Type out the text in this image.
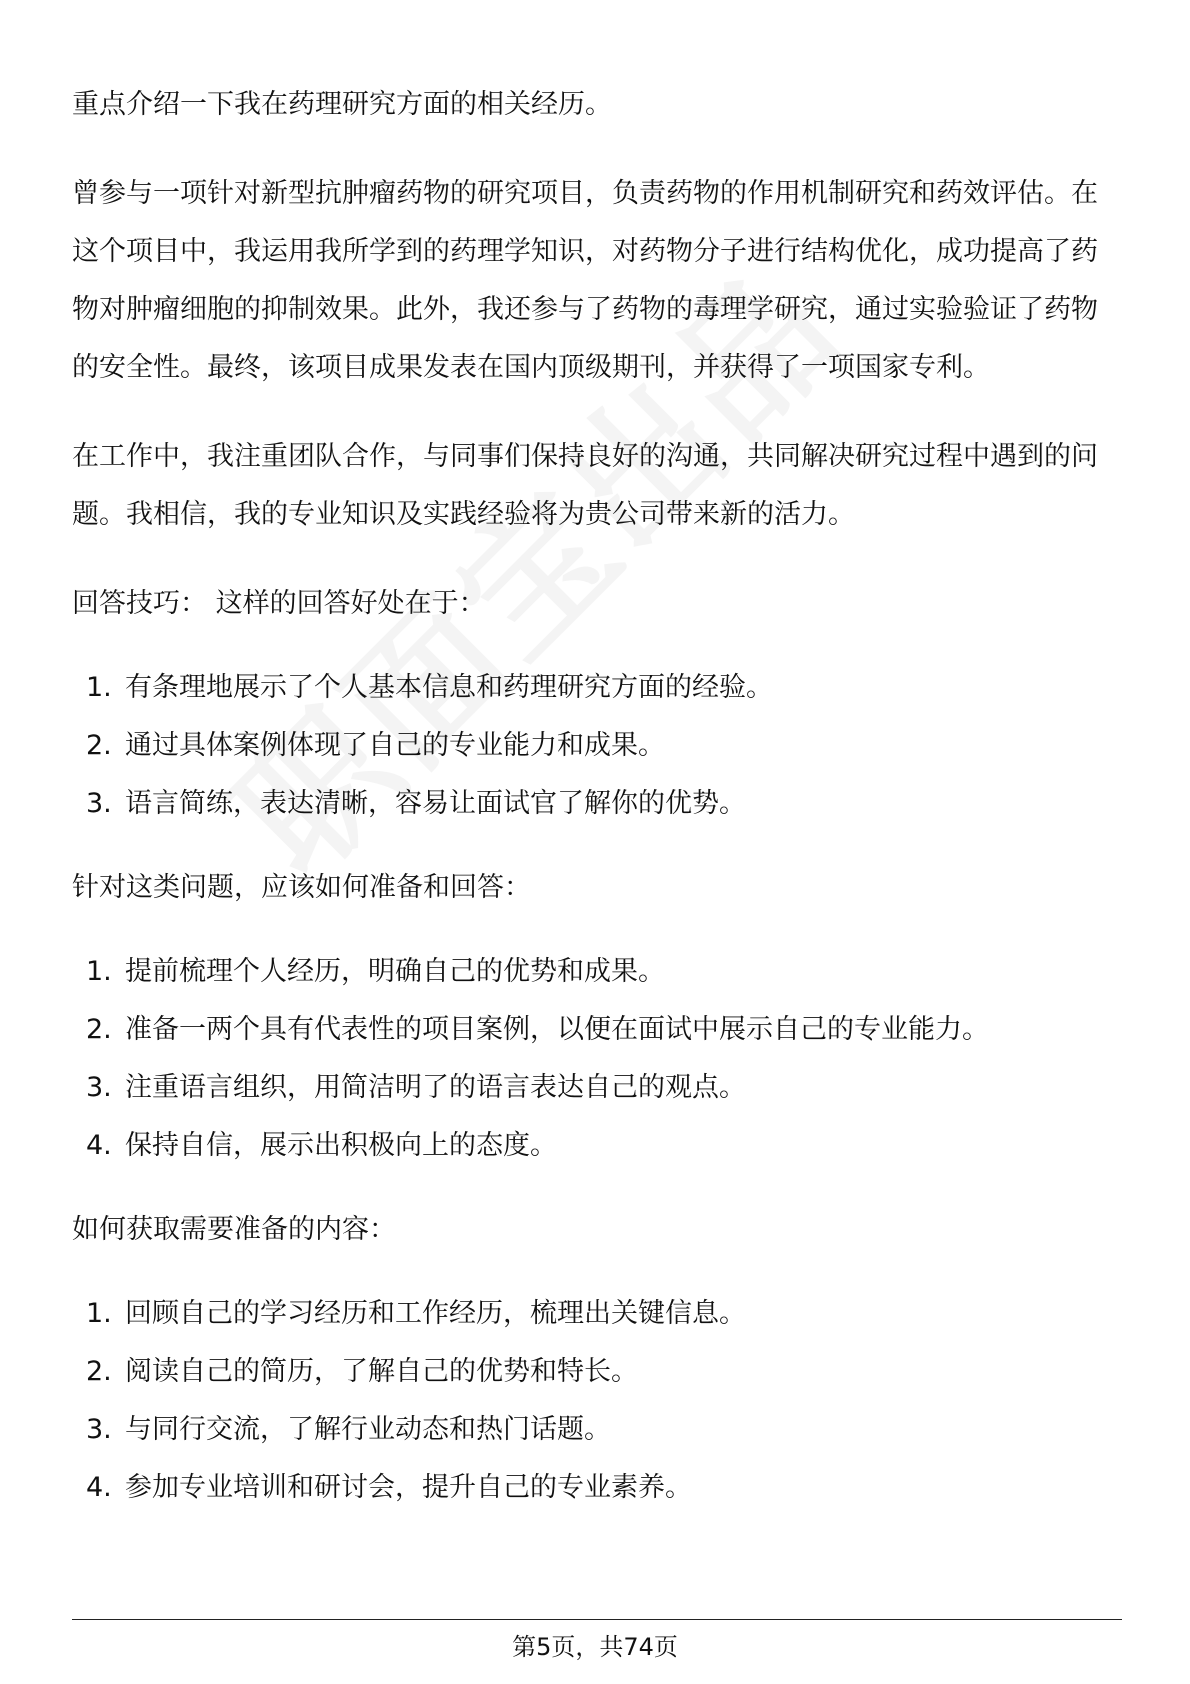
重点介绍一下我在药理研究方面的相关经历。

曾参与一项针对新型抗肿瘤药物的研究项目，负责药物的作用机制研究和药效评估。在这个项目中，我运用我所学到的药理学知识，对药物分子进行结构优化，成功提高了药物对肿瘤细胞的抑制效果。此外，我还参与了药物的毒理学研究，通过实验验证了药物的安全性。最终，该项目成果发表在国内顶级期刊，并获得了一项国家专利。

在工作中，我注重团队合作，与同事们保持良好的沟通，共同解决研究过程中遇到的问题。我相信，我的专业知识及实践经验将为贵公司带来新的活力。

回答技巧： 这样的回答好处在于：

1. 有条理地展示了个人基本信息和药理研究方面的经验。
2. 通过具体案例体现了自己的专业能力和成果。
3. 语言简练，表达清晰，容易让面试官了解你的优势。

针对这类问题，应该如何准备和回答：

1. 提前梳理个人经历，明确自己的优势和成果。
2. 准备一两个具有代表性的项目案例，以便在面试中展示自己的专业能力。
3. 注重语言组织，用简洁明了的语言表达自己的观点。
4. 保持自信，展示出积极向上的态度。

如何获取需要准备的内容：

1. 回顾自己的学习经历和工作经历，梳理出关键信息。
2. 阅读自己的简历，了解自己的优势和特长。
3. 与同行交流，了解行业动态和热门话题。
4. 参加专业培训和研讨会，提升自己的专业素养。
第5页，共74页
